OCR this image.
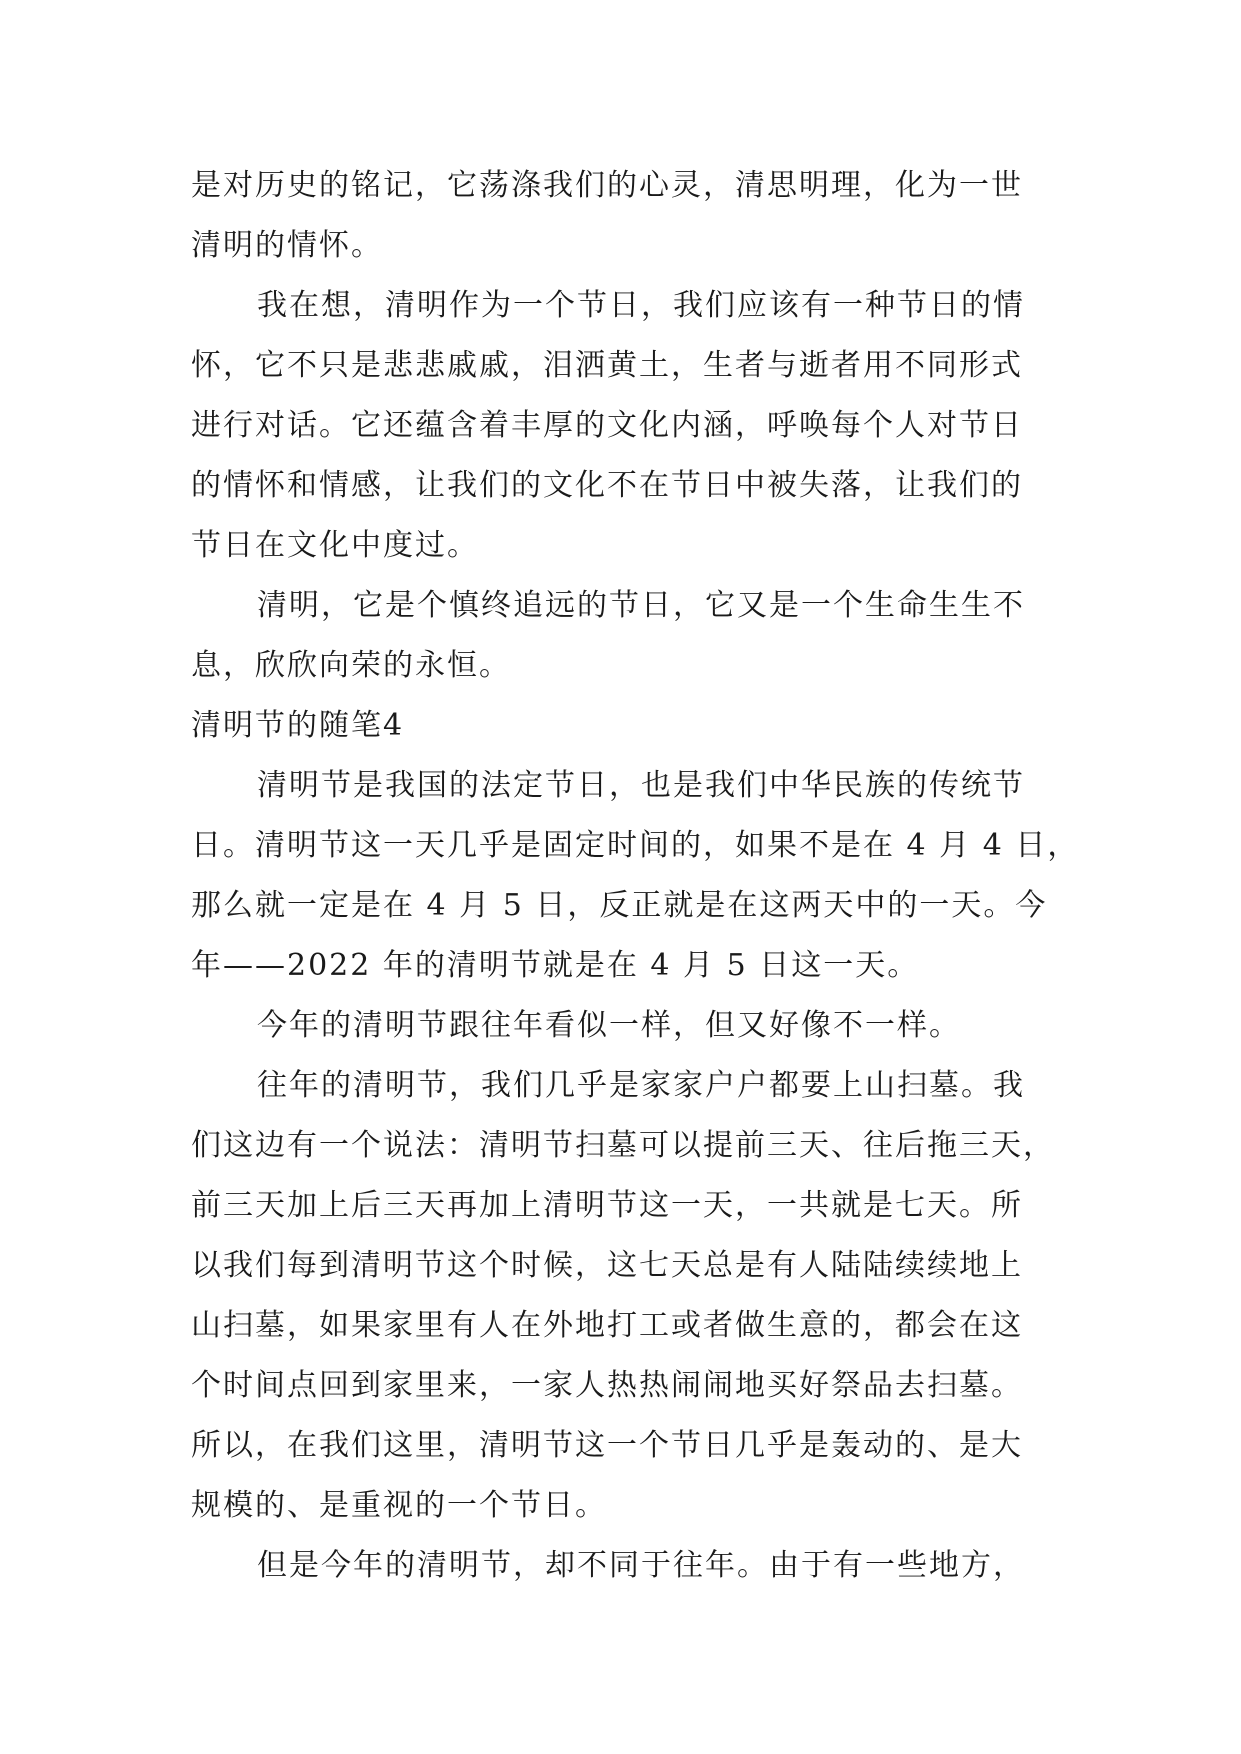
是对历史的铭记，它荡涤我们的心灵，清思明理，化为一世
清明的情怀。
我在想，清明作为一个节日，我们应该有一种节日的情
怀，它不只是悲悲戚戚，泪洒黄土，生者与逝者用不同形式
进行对话。它还蕴含着丰厚的文化内涵，呼唤每个人对节日
的情怀和情感，让我们的文化不在节日中被失落，让我们的
节日在文化中度过。
清明，它是个慎终追远的节日，它又是一个生命生生不
息，欣欣向荣的永恒。
清明节的随笔4
清明节是我国的法定节日，也是我们中华民族的传统节
日。清明节这一天几乎是固定时间的，如果不是在 4 月 4 日，
那么就一定是在 4 月 5 日，反正就是在这两天中的一天。今
年——2022 年的清明节就是在 4 月 5 日这一天。
今年的清明节跟往年看似一样，但又好像不一样。
往年的清明节，我们几乎是家家户户都要上山扫墓。我
们这边有一个说法：清明节扫墓可以提前三天、往后拖三天，
前三天加上后三天再加上清明节这一天，一共就是七天。所
以我们每到清明节这个时候，这七天总是有人陆陆续续地上
山扫墓，如果家里有人在外地打工或者做生意的，都会在这
个时间点回到家里来，一家人热热闹闹地买好祭品去扫墓。
所以，在我们这里，清明节这一个节日几乎是轰动的、是大
规模的、是重视的一个节日。
但是今年的清明节，却不同于往年。由于有一些地方，
